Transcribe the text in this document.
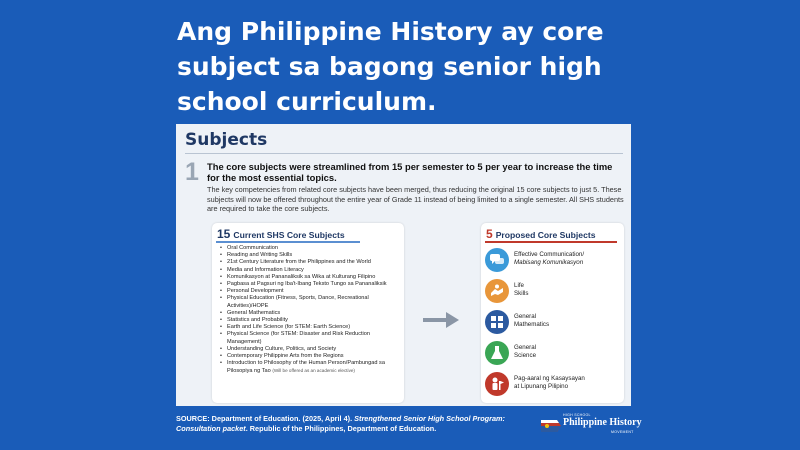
Ang Philippine History ay core subject sa bagong senior high school curriculum.
Subjects
1 The core subjects were streamlined from 15 per semester to 5 per year to increase the time for the most essential topics.
The key competencies from related core subjects have been merged, thus reducing the original 15 core subjects to just 5. These subjects will now be offered throughout the entire year of Grade 11 instead of being limited to a single semester. All SHS students are required to take the core subjects.
15 Current SHS Core Subjects
• Oral Communication
• Reading and Writing Skills
• 21st Century Literature from the Philippines and the World
• Media and Information Literacy
• Komunikasyon at Pananaliksik sa Wika at Kulturang Filipino
• Pagbasa at Pagsuri ng Iba't-Ibang Teksto Tungo sa Pananaliksik
• Personal Development
• Physical Education (Fitness, Sports, Dance, Recreational Activities)/HOPE
• General Mathematics
• Statistics and Probability
• Earth and Life Science (for STEM: Earth Science)
• Physical Science (for STEM: Disaster and Risk Reduction Management)
• Understanding Culture, Politics, and Society
• Contemporary Philippine Arts from the Regions
• Introduction to Philosophy of the Human Person/Pambungad sa Pilosopiya ng Tao (Will be offered as an academic elective)
5 Proposed Core Subjects
Effective Communication/
Mabisang Komunikasyon
Life
Skills
General
Mathematics
General
Science
Pag-aaral ng Kasaysayan
at Lipunang Pilipino
SOURCE: Department of Education. (2025, April 4). Strengthened Senior High School Program: Consultation packet. Republic of the Philippines, Department of Education.
HIGH SCHOOL
Philippine History
MOVEMENT
